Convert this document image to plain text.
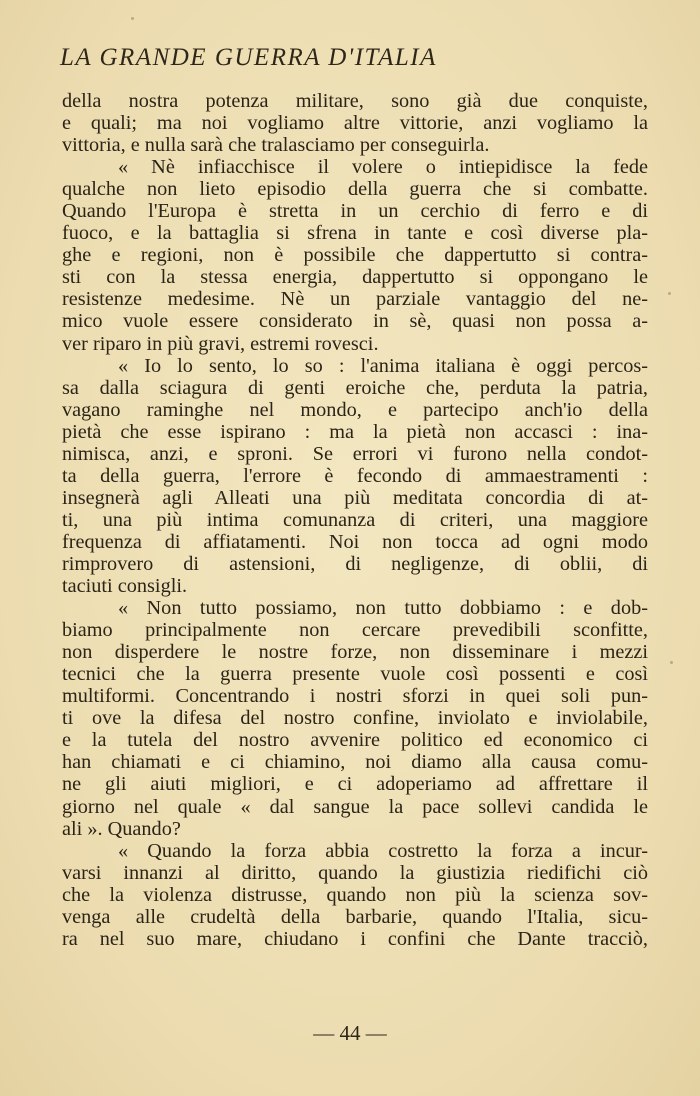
LA GRANDE GUERRA D'ITALIA
della nostra potenza militare, sono già due conquiste,
e quali; ma noi vogliamo altre vittorie, anzi vogliamo la
vittoria, e nulla sarà che tralasciamo per conseguirla.
« Nè infiacchisce il volere o intiepidisce la fede
qualche non lieto episodio della guerra che si combatte.
Quando l'Europa è stretta in un cerchio di ferro e di
fuoco, e la battaglia si sfrena in tante e così diverse pla-
ghe e regioni, non è possibile che dappertutto si contra-
sti con la stessa energia, dappertutto si oppongano le
resistenze medesime. Nè un parziale vantaggio del ne-
mico vuole essere considerato in sè, quasi non possa a-
ver riparo in più gravi, estremi rovesci.
« Io lo sento, lo so : l'anima italiana è oggi percos-
sa dalla sciagura di genti eroiche che, perduta la patria,
vagano raminghe nel mondo, e partecipo anch'io della
pietà che esse ispirano : ma la pietà non accasci : ina-
nimisca, anzi, e sproni. Se errori vi furono nella condot-
ta della guerra, l'errore è fecondo di ammaestramenti :
insegnerà agli Alleati una più meditata concordia di at-
ti, una più intima comunanza di criteri, una maggiore
frequenza di affiatamenti. Noi non tocca ad ogni modo
rimprovero di astensioni, di negligenze, di oblii, di
taciuti consigli.
« Non tutto possiamo, non tutto dobbiamo : e dob-
biamo principalmente non cercare prevedibili sconfitte,
non disperdere le nostre forze, non disseminare i mezzi
tecnici che la guerra presente vuole così possenti e così
multiformi. Concentrando i nostri sforzi in quei soli pun-
ti ove la difesa del nostro confine, inviolato e inviolabile,
e la tutela del nostro avvenire politico ed economico ci
han chiamati e ci chiamino, noi diamo alla causa comu-
ne gli aiuti migliori, e ci adoperiamo ad affrettare il
giorno nel quale « dal sangue la pace sollevi candida le
ali ». Quando?
« Quando la forza abbia costretto la forza a incur-
varsi innanzi al diritto, quando la giustizia riedifichi ciò
che la violenza distrusse, quando non più la scienza sov-
venga alle crudeltà della barbarie, quando l'Italia, sicu-
ra nel suo mare, chiudano i confini che Dante tracciò,
— 44 —
